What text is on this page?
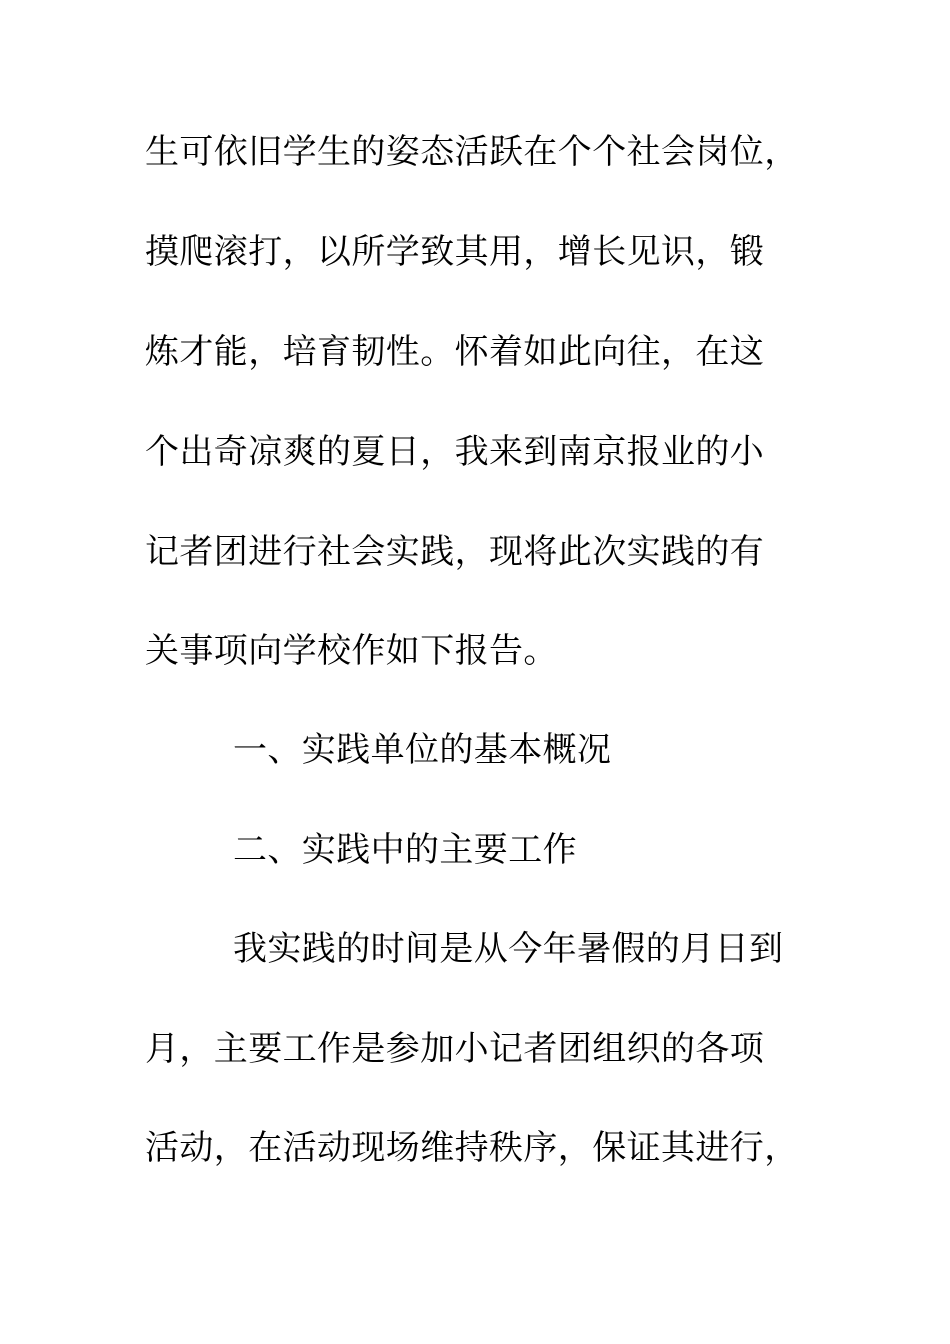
生可依旧学生的姿态活跃在个个社会岗位，
摸爬滚打，以所学致其用，增长见识，锻
炼才能，培育韧性。怀着如此向往，在这
个出奇凉爽的夏日，我来到南京报业的小
记者团进行社会实践，现将此次实践的有
关事项向学校作如下报告。
一、实践单位的基本概况
二、实践中的主要工作
我实践的时间是从今年暑假的月日到
月，主要工作是参加小记者团组织的各项
活动，在活动现场维持秩序，保证其进行，
